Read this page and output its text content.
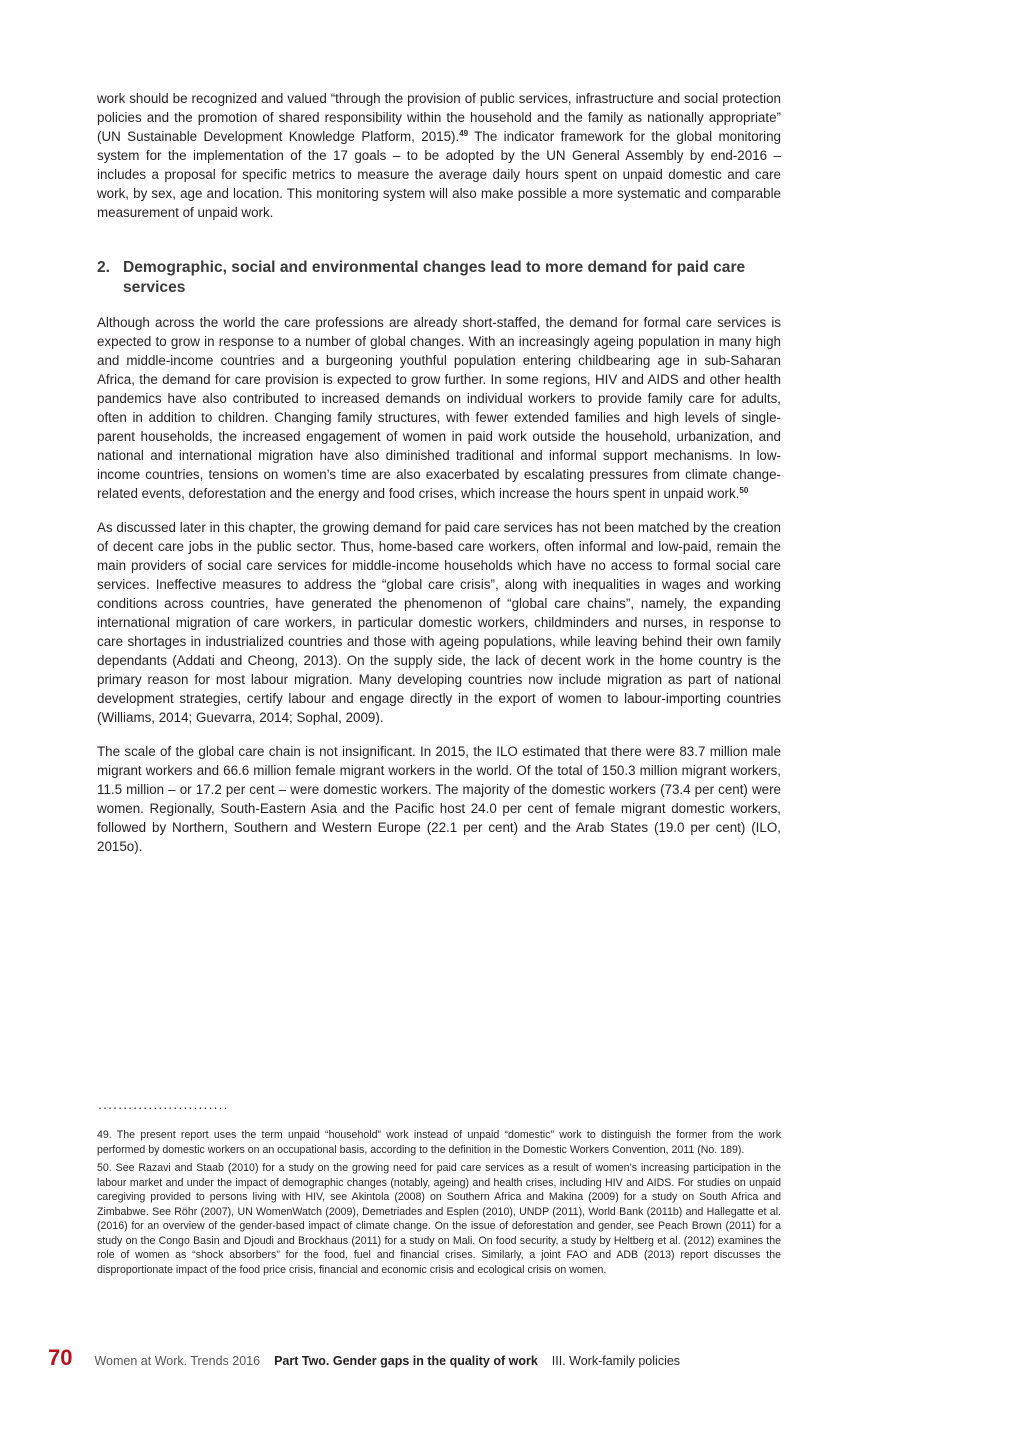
work should be recognized and valued “through the provision of public services, infrastructure and social protection policies and the promotion of shared responsibility within the household and the family as nationally appropriate” (UN Sustainable Development Knowledge Platform, 2015).$^{49}$ The indicator framework for the global monitoring system for the implementation of the 17 goals – to be adopted by the UN General Assembly by end-2016 – includes a proposal for specific metrics to measure the average daily hours spent on unpaid domestic and care work, by sex, age and location. This monitoring system will also make possible a more systematic and comparable measurement of unpaid work.

2. Demographic, social and environmental changes lead to more demand for paid care services

Although across the world the care professions are already short-staffed, the demand for formal care services is expected to grow in response to a number of global changes. With an increasingly ageing population in many high and middle-income countries and a burgeoning youthful population entering childbearing age in sub-Saharan Africa, the demand for care provision is expected to grow further. In some regions, HIV and AIDS and other health pandemics have also contributed to increased demands on individual workers to provide family care for adults, often in addition to children. Changing family structures, with fewer extended families and high levels of single-parent households, the increased engagement of women in paid work outside the household, urbanization, and national and international migration have also diminished traditional and informal support mechanisms. In low-income countries, tensions on women’s time are also exacerbated by escalating pressures from climate change-related events, deforestation and the energy and food crises, which increase the hours spent in unpaid work.$^{50}$

As discussed later in this chapter, the growing demand for paid care services has not been matched by the creation of decent care jobs in the public sector. Thus, home-based care workers, often informal and low-paid, remain the main providers of social care services for middle-income households which have no access to formal social care services. Ineffective measures to address the “global care crisis”, along with inequalities in wages and working conditions across countries, have generated the phenomenon of “global care chains”, namely, the expanding international migration of care workers, in particular domestic workers, childminders and nurses, in response to care shortages in industrialized countries and those with ageing populations, while leaving behind their own family dependants (Addati and Cheong, 2013). On the supply side, the lack of decent work in the home country is the primary reason for most labour migration. Many developing countries now include migration as part of national development strategies, certify labour and engage directly in the export of women to labour-importing countries (Williams, 2014; Guevarra, 2014; Sophal, 2009).

The scale of the global care chain is not insignificant. In 2015, the ILO estimated that there were 83.7 million male migrant workers and 66.6 million female migrant workers in the world. Of the total of 150.3 million migrant workers, 11.5 million – or 17.2 per cent – were domestic workers. The majority of the domestic workers (73.4 per cent) were women. Regionally, South-Eastern Asia and the Pacific host 24.0 per cent of female migrant domestic workers, followed by Northern, Southern and Western Europe (22.1 per cent) and the Arab States (19.0 per cent) (ILO, 2015o).

..........................

49. The present report uses the term unpaid “household” work instead of unpaid “domestic” work to distinguish the former from the work performed by domestic workers on an occupational basis, according to the definition in the Domestic Workers Convention, 2011 (No. 189).

50. See Razavi and Staab (2010) for a study on the growing need for paid care services as a result of women’s increasing participation in the labour market and under the impact of demographic changes (notably, ageing) and health crises, including HIV and AIDS. For studies on unpaid caregiving provided to persons living with HIV, see Akintola (2008) on Southern Africa and Makina (2009) for a study on South Africa and Zimbabwe. See Röhr (2007), UN WomenWatch (2009), Demetriades and Esplen (2010), UNDP (2011), World Bank (2011b) and Hallegatte et al. (2016) for an overview of the gender-based impact of climate change. On the issue of deforestation and gender, see Peach Brown (2011) for a study on the Congo Basin and Djoudi and Brockhaus (2011) for a study on Mali. On food security, a study by Heltberg et al. (2012) examines the role of women as “shock absorbers” for the food, fuel and financial crises. Similarly, a joint FAO and ADB (2013) report discusses the disproportionate impact of the food price crisis, financial and economic crisis and ecological crisis on women.

70 Women at Work. Trends 2016 Part Two. Gender gaps in the quality of work III. Work-family policies
